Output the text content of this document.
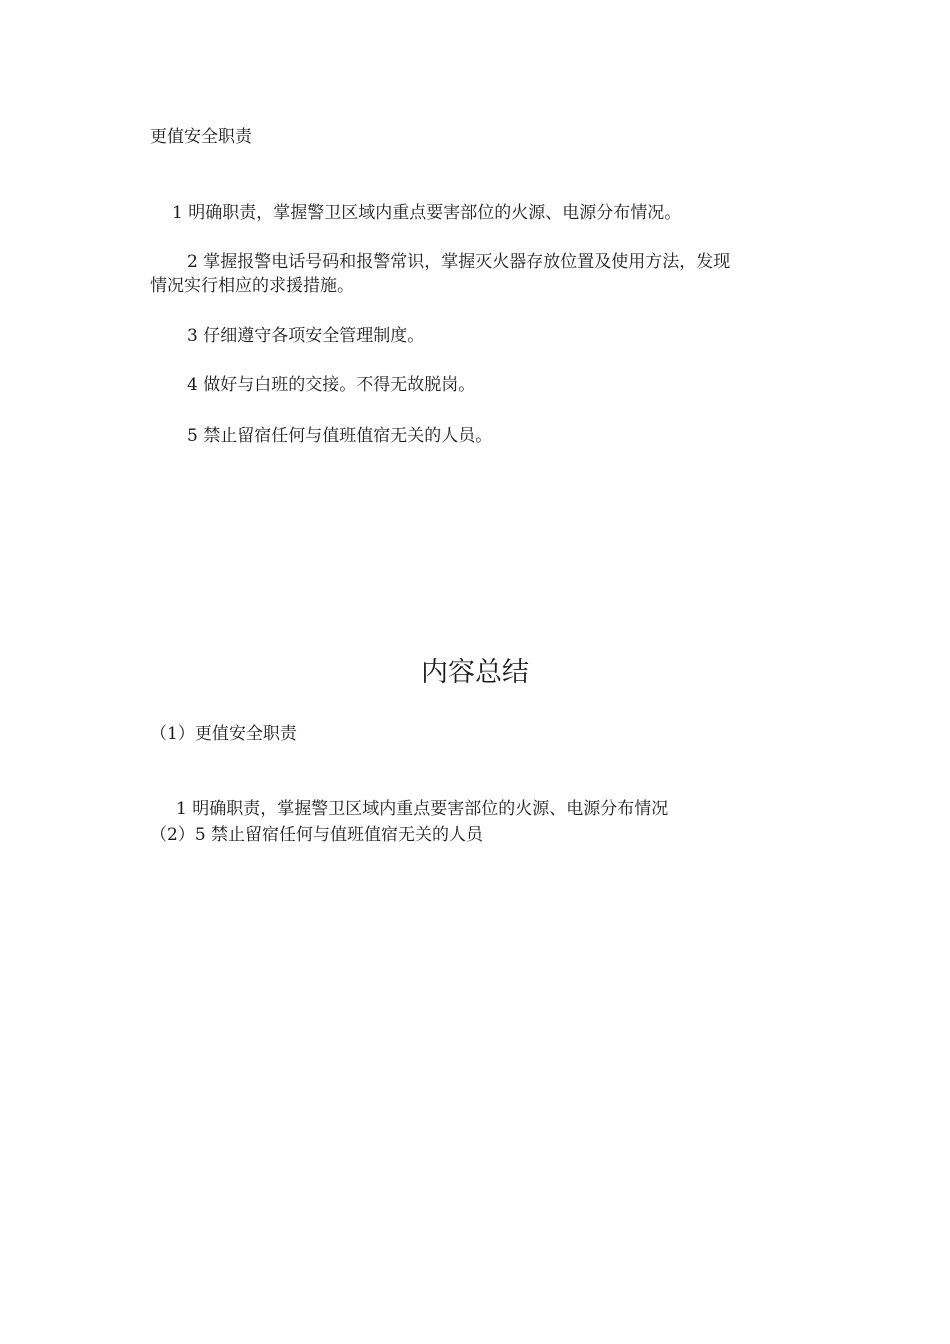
更值安全职责
1 明确职责，掌握警卫区域内重点要害部位的火源、电源分布情况。
2 掌握报警电话号码和报警常识，掌握灭火器存放位置及使用方法，发现
情况实行相应的求援措施。
3 仔细遵守各项安全管理制度。
4 做好与白班的交接。不得无故脱岗。
5 禁止留宿任何与值班值宿无关的人员。
内容总结
（1）更值安全职责
1 明确职责，掌握警卫区域内重点要害部位的火源、电源分布情况
（2）5 禁止留宿任何与值班值宿无关的人员
